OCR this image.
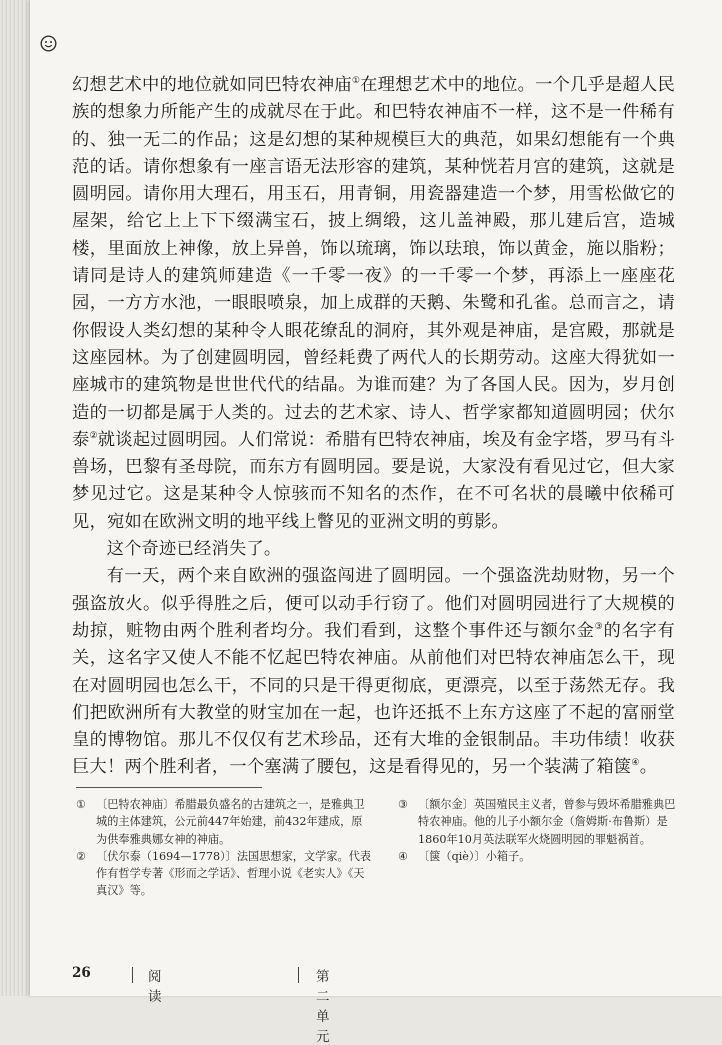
幻想艺术中的地位就如同巴特农神庙①在理想艺术中的地位。一个几乎是超人民族的想象力所能产生的成就尽在于此。和巴特农神庙不一样，这不是一件稀有的、独一无二的作品；这是幻想的某种规模巨大的典范，如果幻想能有一个典范的话。请你想象有一座言语无法形容的建筑，某种恍若月宫的建筑，这就是圆明园。请你用大理石，用玉石，用青铜，用瓷器建造一个梦，用雪松做它的屋架，给它上上下下缀满宝石，披上绸缎，这儿盖神殿，那儿建后宫，造城楼，里面放上神像，放上异兽，饰以琉璃，饰以珐琅，饰以黄金，施以脂粉；请同是诗人的建筑师建造《一千零一夜》的一千零一个梦，再添上一座座花园，一方方水池，一眼眼喷泉，加上成群的天鹅、朱鹭和孔雀。总而言之，请你假设人类幻想的某种令人眼花缭乱的洞府，其外观是神庙，是宫殿，那就是这座园林。为了创建圆明园，曾经耗费了两代人的长期劳动。这座大得犹如一座城市的建筑物是世世代代的结晶。为谁而建？为了各国人民。因为，岁月创造的一切都是属于人类的。过去的艺术家、诗人、哲学家都知道圆明园；伏尔泰②就谈起过圆明园。人们常说：希腊有巴特农神庙，埃及有金字塔，罗马有斗兽场，巴黎有圣母院，而东方有圆明园。要是说，大家没有看见过它，但大家梦见过它。这是某种令人惊骇而不知名的杰作，在不可名状的晨曦中依稀可见，宛如在欧洲文明的地平线上瞥见的亚洲文明的剪影。

这个奇迹已经消失了。

有一天，两个来自欧洲的强盗闯进了圆明园。一个强盗洗劫财物，另一个强盗放火。似乎得胜之后，便可以动手行窃了。他们对圆明园进行了大规模的劫掠，赃物由两个胜利者均分。我们看到，这整个事件还与额尔金③的名字有关，这名字又使人不能不忆起巴特农神庙。从前他们对巴特农神庙怎么干，现在对圆明园也怎么干，不同的只是干得更彻底，更漂亮，以至于荡然无存。我们把欧洲所有大教堂的财宝加在一起，也许还抵不上东方这座了不起的富丽堂皇的博物馆。那儿不仅仅有艺术珍品，还有大堆的金银制品。丰功伟绩！收获巨大！两个胜利者，一个塞满了腰包，这是看得见的，另一个装满了箱箧④。

① 〔巴特农神庙〕希腊最负盛名的古建筑之一，是雅典卫城的主体建筑，公元前447年始建，前432年建成，原为供奉雅典娜女神的神庙。
② 〔伏尔泰（1694—1778）〕法国思想家，文学家。代表作有哲学专著《形而之学话》、哲理小说《老实人》《天真汉》等。
③ 〔额尔金〕英国殖民主义者，曾参与毁坏希腊雅典巴特农神庙。他的儿子小额尔金（詹姆斯·布鲁斯）是1860年10月英法联军火烧圆明园的罪魁祸首。
④ 〔箧（qiè）〕小箱子。
26	阅读
第二单元
